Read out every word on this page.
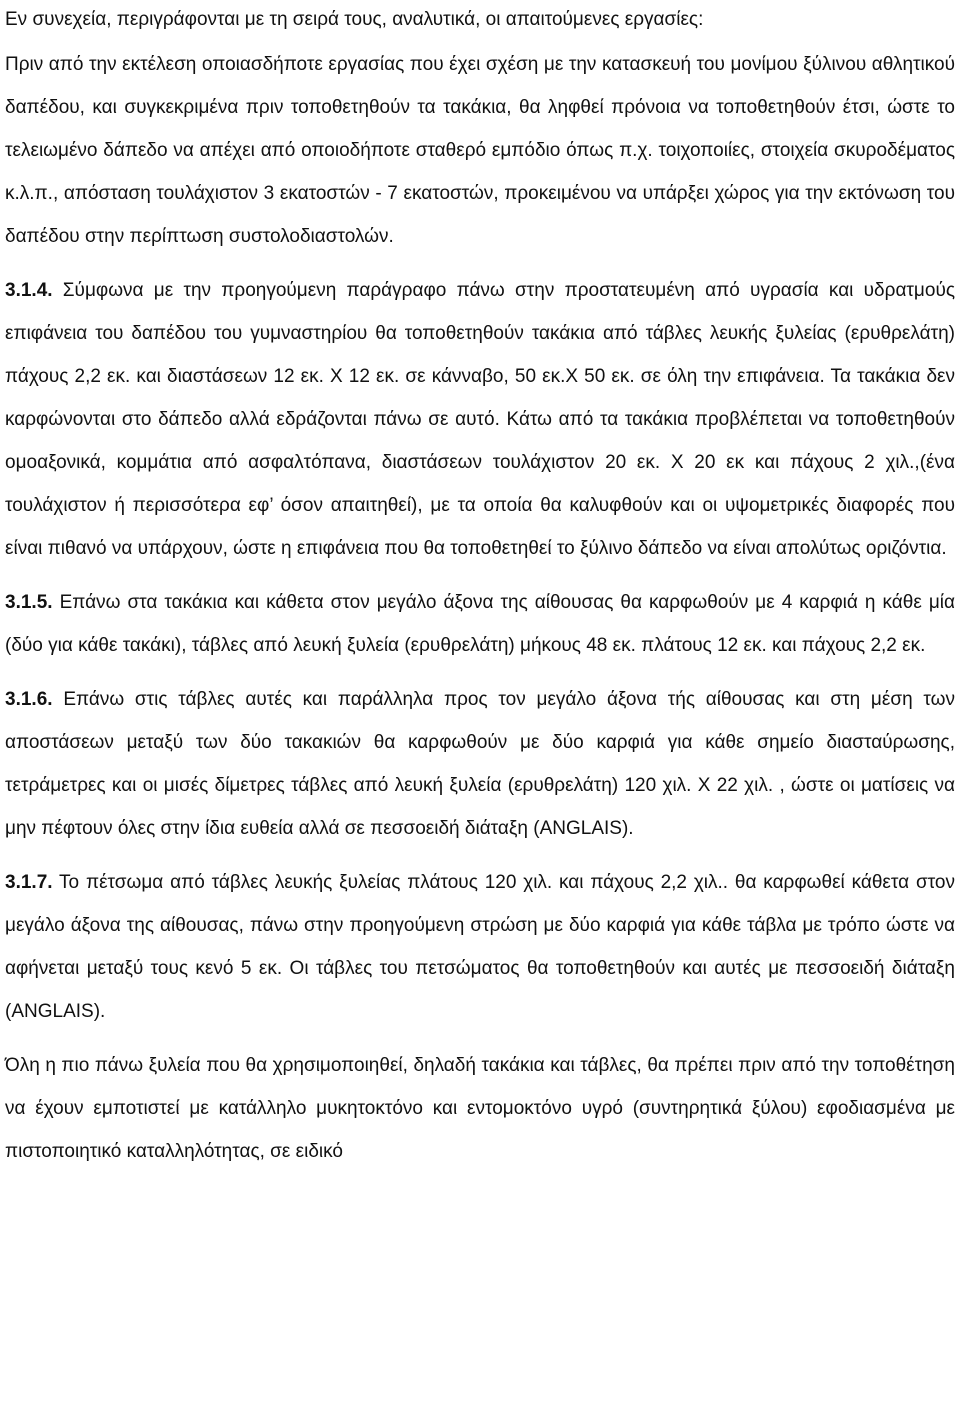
Εν συνεχεία, περιγράφονται με τη σειρά τους, αναλυτικά, οι απαιτούμενες εργασίες:

Πριν από την εκτέλεση οποιασδήποτε εργασίας που έχει σχέση με την κατασκευή του μονίμου ξύλινου αθλητικού δαπέδου, και συγκεκριμένα πριν τοποθετηθούν τα τακάκια, θα ληφθεί πρόνοια να τοποθετηθούν έτσι, ώστε το τελειωμένο δάπεδο να απέχει από οποιοδήποτε σταθερό εμπόδιο όπως π.χ. τοιχοποιίες, στοιχεία σκυροδέματος κ.λ.π., απόσταση τουλάχιστον 3 εκατοστών - 7 εκατοστών, προκειμένου να υπάρξει χώρος για την εκτόνωση του δαπέδου στην περίπτωση συστολοδιαστολών.

3.1.4. Σύμφωνα με την προηγούμενη παράγραφο πάνω στην προστατευμένη από υγρασία και υδρατμούς επιφάνεια του δαπέδου του γυμναστηρίου θα τοποθετηθούν τακάκια από τάβλες λευκής ξυλείας (ερυθρελάτη) πάχους 2,2 εκ. και διαστάσεων 12 εκ. Χ 12 εκ. σε κάνναβο, 50 εκ.Χ 50 εκ. σε όλη την επιφάνεια. Τα τακάκια δεν καρφώνονται στο δάπεδο αλλά εδράζονται πάνω σε αυτό. Κάτω από τα τακάκια προβλέπεται να τοποθετηθούν ομοαξονικά, κομμάτια από ασφαλτόπανα, διαστάσεων τουλάχιστον 20 εκ. Χ 20 εκ και πάχους 2 χιλ.,(ένα τουλάχιστον ή περισσότερα εφ’ όσον απαιτηθεί), με τα οποία θα καλυφθούν και οι υψομετρικές διαφορές που είναι πιθανό να υπάρχουν, ώστε η επιφάνεια που θα τοποθετηθεί το ξύλινο δάπεδο να είναι απολύτως οριζόντια.

3.1.5. Επάνω στα τακάκια και κάθετα στον μεγάλο άξονα της αίθουσας θα καρφωθούν με 4 καρφιά η κάθε μία (δύο για κάθε τακάκι), τάβλες από λευκή ξυλεία (ερυθρελάτη) μήκους 48 εκ. πλάτους 12 εκ. και πάχους 2,2 εκ.

3.1.6. Επάνω στις τάβλες αυτές και παράλληλα προς τον μεγάλο άξονα τής αίθουσας και στη μέση των αποστάσεων μεταξύ των δύο τακακιών θα καρφωθούν με δύο καρφιά για κάθε σημείο διασταύρωσης, τετράμετρες και οι μισές δίμετρες τάβλες από λευκή ξυλεία (ερυθρελάτη) 120 χιλ. Χ 22 χιλ. , ώστε οι ματίσεις να μην πέφτουν όλες στην ίδια ευθεία αλλά σε πεσσοειδή διάταξη (ANGLAIS).

3.1.7. Το πέτσωμα από τάβλες λευκής ξυλείας πλάτους 120 χιλ. και πάχους 2,2 χιλ.. θα καρφωθεί κάθετα στον μεγάλο άξονα της αίθουσας, πάνω στην προηγούμενη στρώση με δύο καρφιά για κάθε τάβλα με τρόπο ώστε να αφήνεται μεταξύ τους κενό 5 εκ. Οι τάβλες του πετσώματος θα τοποθετηθούν και αυτές με πεσσοειδή διάταξη (ANGLAIS).

Όλη η πιο πάνω ξυλεία που θα χρησιμοποιηθεί, δηλαδή τακάκια και τάβλες, θα πρέπει πριν από την τοποθέτηση να έχουν εμποτιστεί με κατάλληλο μυκητοκτόνο και εντομοκτόνο υγρό (συντηρητικά ξύλου) εφοδιασμένα με πιστοποιητικό καταλληλότητας, σε ειδικό
